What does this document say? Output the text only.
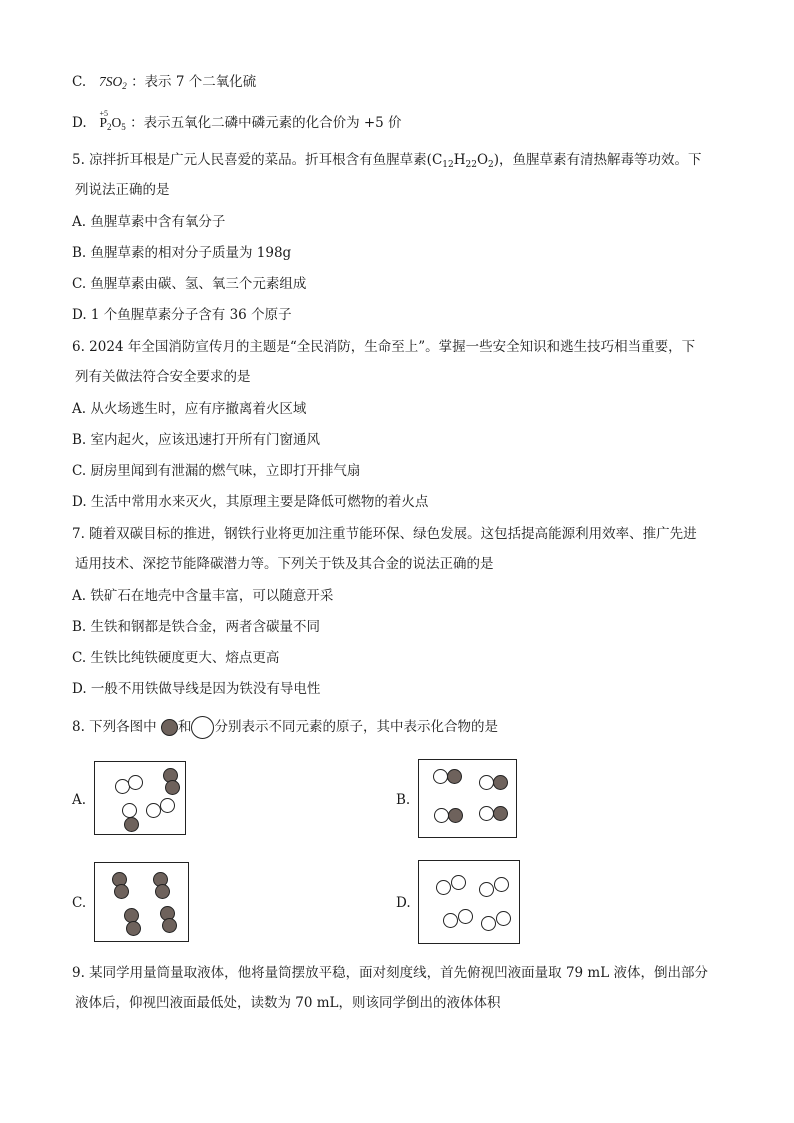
C. $7SO_2$ ：表示 7 个二氧化硫
D.
+5
$P_2O_5$ ：表示五氧化二磷中磷元素的化合价为 +5 价
5. 凉拌折耳根是广元人民喜爱的菜品。折耳根含有鱼腥草素$(C_{12}H_{22}O_2)$，鱼腥草素有清热解毒等功效。下
列说法正确的是
A. 鱼腥草素中含有氧分子
B. 鱼腥草素的相对分子质量为 198g
C. 鱼腥草素由碳、氢、氧三个元素组成
D. 1 个鱼腥草素分子含有 36 个原子
6. 2024 年全国消防宣传月的主题是“全民消防，生命至上”。掌握一些安全知识和逃生技巧相当重要，下
列有关做法符合安全要求的是
A. 从火场逃生时，应有序撤离着火区域
B. 室内起火，应该迅速打开所有门窗通风
C. 厨房里闻到有泄漏的燃气味，立即打开排气扇
D. 生活中常用水来灭火，其原理主要是降低可燃物的着火点
7. 随着双碳目标的推进，钢铁行业将更加注重节能环保、绿色发展。这包括提高能源利用效率、推广先进
适用技术、深挖节能降碳潜力等。下列关于铁及其合金的说法正确的是
A. 铁矿石在地壳中含量丰富，可以随意开采
B. 生铁和钢都是铁合金，两者含碳量不同
C. 生铁比纯铁硬度更大、熔点更高
D. 一般不用铁做导线是因为铁没有导电性
8. 下列各图中 和 分别表示不同元素的原子，其中表示化合物的是
A.	B.
C.	D.
9. 某同学用量筒量取液体，他将量筒摆放平稳，面对刻度线，首先俯视凹液面量取 79 mL 液体，倒出部分
液体后，仰视凹液面最低处，读数为 70 mL，则该同学倒出的液体体积
